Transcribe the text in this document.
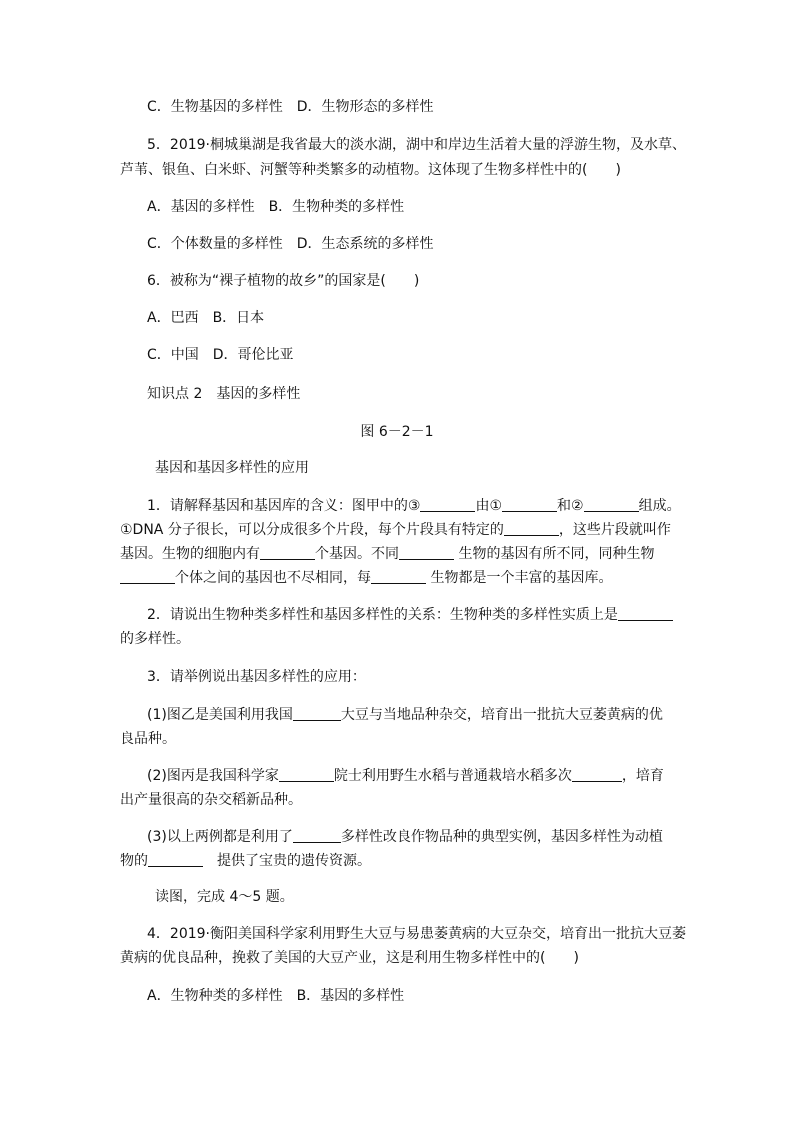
C．生物基因的多样性　D．生物形态的多样性
5．2019·桐城巢湖是我省最大的淡水湖，湖中和岸边生活着大量的浮游生物，及水草、
芦苇、银鱼、白米虾、河蟹等种类繁多的动植物。这体现了生物多样性中的(　　)
A．基因的多样性　B．生物种类的多样性
C．个体数量的多样性　D．生态系统的多样性
6．被称为“裸子植物的故乡”的国家是(　　)
A．巴西　B．日本
C．中国　D．哥伦比亚
知识点 2　基因的多样性
图 6－2－1
基因和基因多样性的应用
1．请解释基因和基因库的含义：图甲中的③	由①	和②	组成。
①DNA 分子很长，可以分成很多个片段，每个片段具有特定的	，这些片段就叫作
基因。生物的细胞内有	个基因。不同	生物的基因有所不同，同种生物
个体之间的基因也不尽相同，每	生物都是一个丰富的基因库。
2．请说出生物种类多样性和基因多样性的关系：生物种类的多样性实质上是
的多样性。
3．请举例说出基因多样性的应用：
(1)图乙是美国利用我国	大豆与当地品种杂交，培育出一批抗大豆萎黄病的优
良品种。
(2)图丙是我国科学家	院士利用野生水稻与普通栽培水稻多次	，培育
出产量很高的杂交稻新品种。
(3)以上两例都是利用了	多样性改良作物品种的典型实例，基因多样性为动植
物的	　提供了宝贵的遗传资源。
读图，完成 4～5 题。
4．2019·衡阳美国科学家利用野生大豆与易患萎黄病的大豆杂交，培育出一批抗大豆萎
黄病的优良品种，挽救了美国的大豆产业，这是利用生物多样性中的(　　)
A．生物种类的多样性　B．基因的多样性
